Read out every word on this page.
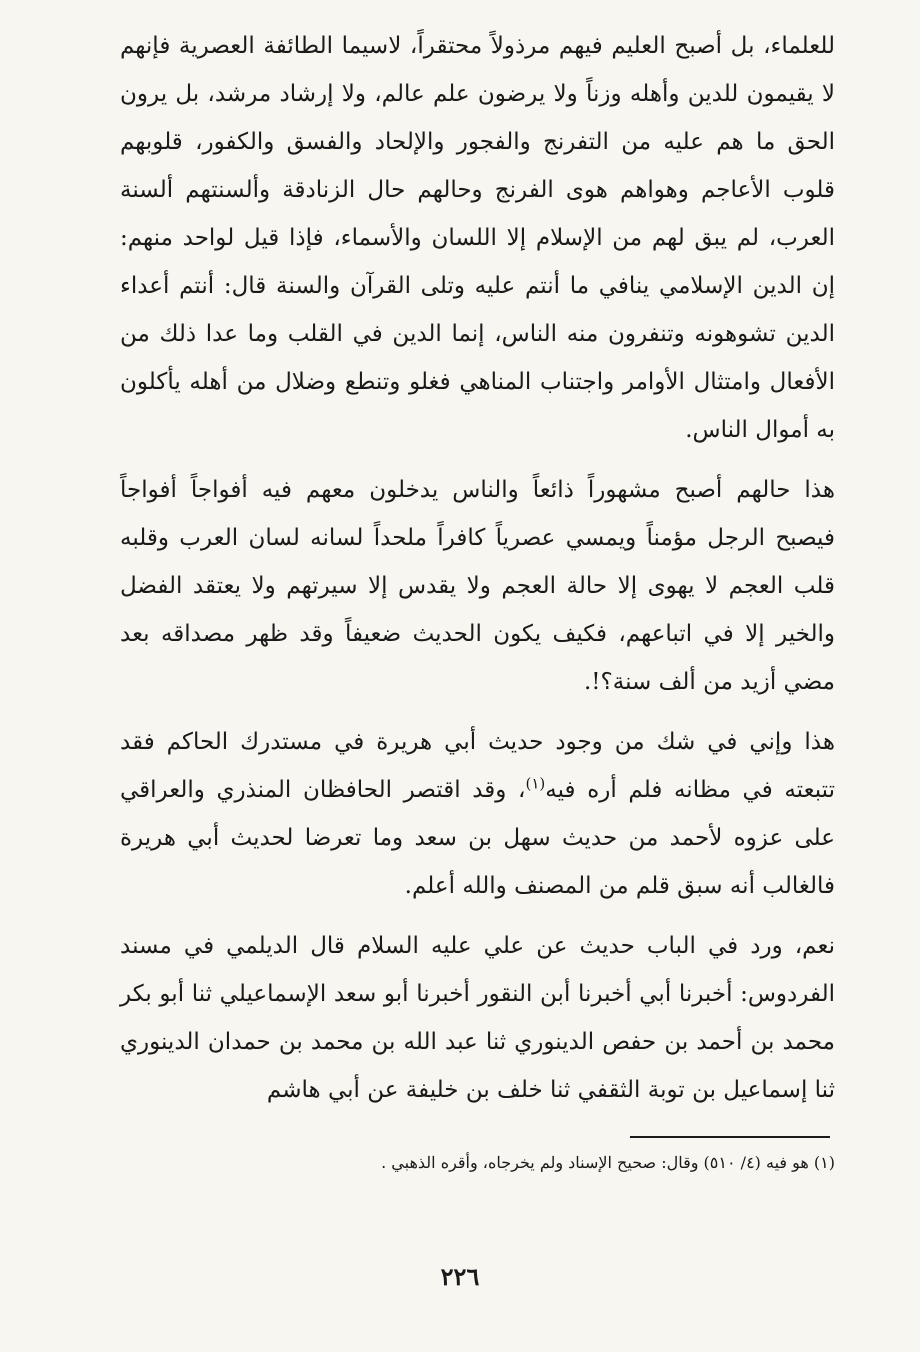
للعلماء، بل أصبح العليم فيهم مرذولاً محتقراً، لاسيما الطائفة العصرية فإنهم لا يقيمون للدين وأهله وزناً ولا يرضون علم عالم، ولا إرشاد مرشد، بل يرون الحق ما هم عليه من التفرنج والفجور والإلحاد والفسق والكفور، قلوبهم قلوب الأعاجم وهواهم هوى الفرنج وحالهم حال الزنادقة وألسنتهم ألسنة العرب، لم يبق لهم من الإسلام إلا اللسان والأسماء، فإذا قيل لواحد منهم: إن الدين الإسلامي ينافي ما أنتم عليه وتلى القرآن والسنة قال: أنتم أعداء الدين تشوهونه وتنفرون منه الناس، إنما الدين في القلب وما عدا ذلك من الأفعال وامتثال الأوامر واجتناب المناهي فغلو وتنطع وضلال من أهله يأكلون به أموال الناس.

هذا حالهم أصبح مشهوراً ذائعاً والناس يدخلون معهم فيه أفواجاً أفواجاً فيصبح الرجل مؤمناً ويمسي عصرياً كافراً ملحداً لسانه لسان العرب وقلبه قلب العجم لا يهوى إلا حالة العجم ولا يقدس إلا سيرتهم ولا يعتقد الفضل والخير إلا في اتباعهم، فكيف يكون الحديث ضعيفاً وقد ظهر مصداقه بعد مضي أزيد من ألف سنة؟!.

هذا وإني في شك من وجود حديث أبي هريرة في مستدرك الحاكم فقد تتبعته في مظانه فلم أره فيه$^{(١)}$، وقد اقتصر الحافظان المنذري والعراقي على عزوه لأحمد من حديث سهل بن سعد وما تعرضا لحديث أبي هريرة فالغالب أنه سبق قلم من المصنف والله أعلم.

نعم، ورد في الباب حديث عن علي عليه السلام قال الديلمي في مسند الفردوس: أخبرنا أبي أخبرنا أبن النقور أخبرنا أبو سعد الإسماعيلي ثنا أبو بكر محمد بن أحمد بن حفص الدينوري ثنا عبد الله بن محمد بن حمدان الدينوري ثنا إسماعيل بن توبة الثقفي ثنا خلف بن خليفة عن أبي هاشم

(١) هو فيه (٤/ ٥١٠) وقال: صحيح الإسناد ولم يخرجاه، وأقره الذهبي .
٢٢٦
